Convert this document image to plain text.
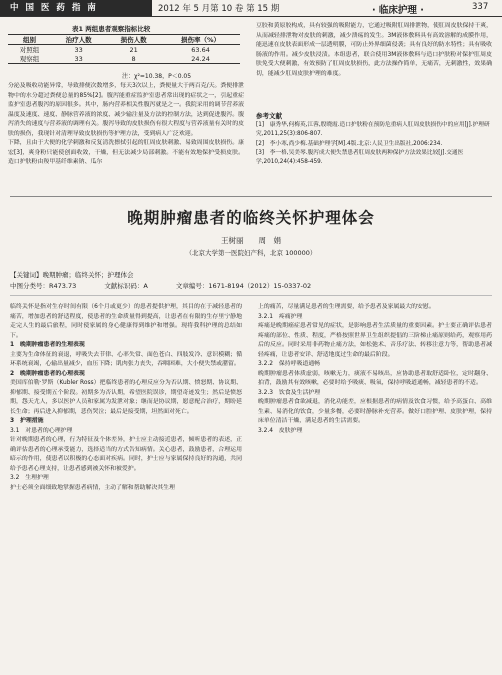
中 国 医 药 指 南	2012 年 5 月第 10 卷 第 15 期	· 临床护理 ·	337
表1 两组患者观察指标比较
组别	治疗人数	损伤人数	损伤率（%）
对照组	33	21	63.64
观察组	33	8	24.24
注：χ²=10.38，P＜0.05

分泌及吸收功能异常，导致排便次数增多，每天3次以上，粪便量大于两百克/天。粪便排泄物中的水分超过粪便总量的85%[2]。腹泻能重症监护室患者常出现的症状之一，引起重症监护室患者腹泻的原因很多。其中，肠内营养相关性腹泻就是之一。我院采用的调节营养液温度及速度、速度、静脉营养液的浓度、减少输注量及方法的控制方法，达到促进腹泻。腹泻消失的速度与营养液的调理有关。腹泻导致的皮肤损伤有很大程度与营养液量有关时的皮肤的损伤，我现针对清理导致皮肤损伤等护理方法，受到病人广泛欢迎。

下降，且由于大便的化学刺激和反复清洗擦拭引起的肛周皮肤刺激、易致周围皮肤损伤。康宏[3]，爽身粉只能使创面收敛，干燥，但无法减少局部刺激。不能有效地保护受损皮肤。造口护肤粉由羧甲基纤维素钠、瓜尔

豆胶和黄原胶构成，具有较强的吸附能力，它通过吸附肛周排泄物，使肛周皮肤保持干爽，从而减轻排泄物对皮肤的刺激，减少溃疡的发生。3M液体敷料具有高效溶解的成膜作用，能迅速在皮肤表面形成一层透明膜，可防止外界细菌侵袭；具有良好的防水特性；具有吸收肠液的作用。减少皮肤浸渍。本组患者，联合使用3M液体敷料与造口护肤粉对保护肛周皮肤免受大便刺激，有效预防了肛周皮肤损伤，此方法操作简单，无痛苦，无刺激性，效果确切，能减少肛周皮肤护理的难度。

参考文献
[1]　康秀华,何梅英,江蓉,殷晓霞.造口护肤粉在预防危重病人肛周皮肤损伤中的应用[J].护理研究,2011,25(3):806-807.
[2]　李小寒,尚少梅.基础护理学[M].4版.北京:人民卫生出版社,2006:234.
[3]　李一格,吴美琴.腹泻成大便失禁患者肛周皮肤两种保护方法效果比较[J].交通医学,2010,24(4):458-459.
晚期肿瘤患者的临终关怀护理体会
王树丽　　周　娟
（北京大学第一医院妇产科，北京 100000）
【关键词】晚期肿瘤；临终关怀；护理体会
中图分类号：R473.73	文献标识码：A	文章编号：1671-8194（2012）15-0337-02

临终关怀是指对生存时间有限（6个月或更少）的患者提供护理，其目的在于减轻患者的痛苦，增加患者的舒适程度，使患者的生命质量得到提高，让患者在有限的生存里宁静地走完人生的最后旅程，同时使家属的身心健康得到维护和增强。现将我科护理的总结如下。

1　晚期肿瘤患者的生理表现

主要为生命体征的衰退，呼吸失去节律、心率失常、面色苍白、四肢发冷、意识模糊；循环系统衰竭，心输出量减少，血压下降；肌肉张力丧失，吞咽困难，大小便失禁或潴留。

2　晚期肿瘤患者的心理表现

美国库伯勒·罗斯（Kubler Ross）把临终患者的心理反应分为否认期、愤怒期、协议期、抑郁期、接受期五个阶段。初期多为否认期，希望医院误诊，期望奇迹发生；然后是愤怒期，怨天尤人，多以医护人员和家属为发泄对象；继而是协议期，愿意配合治疗，期盼延长生命；再后进入抑郁期，悲伤哭泣；最后是接受期，坦然面对死亡。

3　护理措施

3.1　对患者的心理护理

针对晚期患者的心理，行为特征及个体差异，护士应主动接近患者，倾听患者的表述，正确评估患者的心理承受能力，选择适当的方式告知病情。关心患者，鼓励患者，合理运用暗示的作用，使患者以积极的心态面对疾病。同时，护士应与家属保持良好的沟通，共同给予患者心理支持，让患者感到被关怀和被爱护。

3.2　生理护理

护士必须全面细致地掌握患者病情，主动了解和帮助解决其生理

上的痛苦，尽量满足患者的生理需要，给予患者及家属最大的安慰。

3.2.1　疼痛护理

疼痛是晚期癌症患者常见的症状，是影响患者生活质量的重要因素。护士要正确评估患者疼痛的部位、性质、程度，严格按照世界卫生组织提倡的三阶梯止痛原则给药，观察用药后的反应。同时采用非药物止痛方法，如松弛术、音乐疗法、转移注意力等，帮助患者减轻疼痛，让患者安详、舒适地度过生命的最后阶段。

3.2.2　保持呼吸道通畅

晚期肿瘤患者体质虚弱，咳嗽无力，痰液不易咳出，应协助患者取舒适卧位，定时翻身、拍背，鼓励其有效咳嗽，必要时给予吸痰、吸氧，保持呼吸道通畅，减轻患者的不适。

3.2.3　饮食及生活护理

晚期肿瘤患者食欲减退，消化功能差，应根据患者的病情及饮食习惯，给予高蛋白、高维生素、易消化的饮食，少量多餐，必要时静脉补充营养。做好口腔护理、皮肤护理，保持床单位清洁干燥，满足患者的生活需要。

3.2.4　皮肤护理
